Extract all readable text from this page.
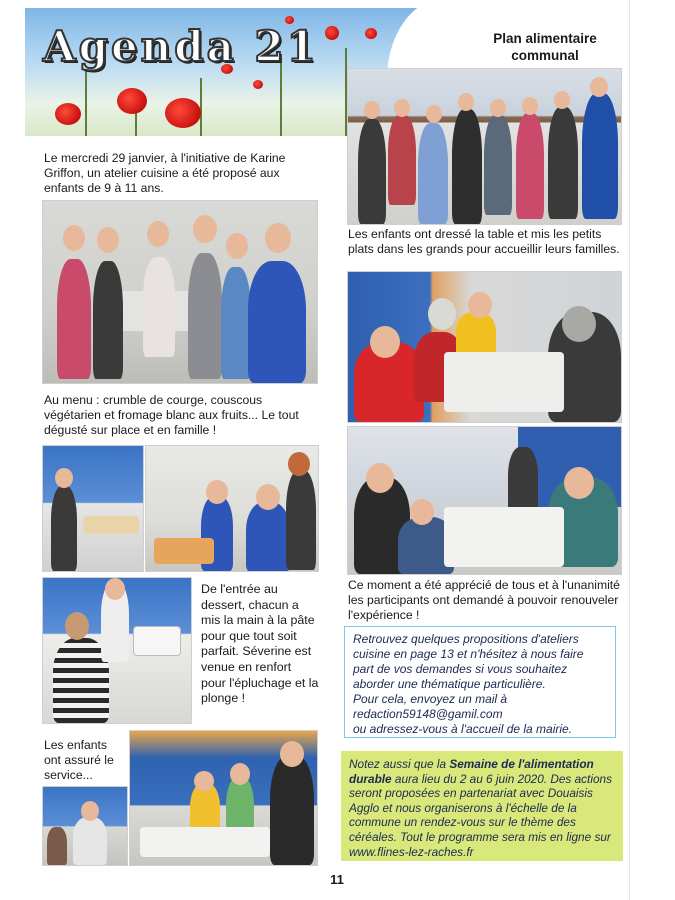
Agenda 21	Plan alimentaire communal
Le mercredi 29 janvier, à l'initiative de Karine Griffon, un atelier cuisine a été proposé aux enfants de 9 à 11 ans.
Au menu : crumble de courge, couscous végétarien et fromage blanc aux fruits... Le tout dégusté sur place et en famille !
De l'entrée au dessert, chacun a mis la main à la pâte pour que tout soit parfait. Séverine est venue en renfort pour l'épluchage et la plonge !
Les enfants ont assuré le service...
Les enfants ont dressé la table et mis les petits plats dans les grands pour accueillir leurs familles.
Ce moment a été apprécié de tous et à l'unanimité les participants ont demandé à pouvoir renouveler l'expérience !
Retrouvez quelques propositions d'ateliers cuisine en page 13 et n'hésitez à nous faire part de vos demandes si vous souhaitez aborder une thématique particulière.
Pour cela, envoyez un mail à
redaction59148@gamil.com
ou adressez-vous à l'accueil de la mairie.
Notez aussi que la Semaine de l'alimentation durable aura lieu du 2 au 6 juin 2020. Des actions seront proposées en partenariat avec Douaisis Agglo et nous organiserons à l'échelle de la commune un rendez-vous sur le thème des céréales. Tout le programme sera mis en ligne sur www.flines-lez-raches.fr
11
